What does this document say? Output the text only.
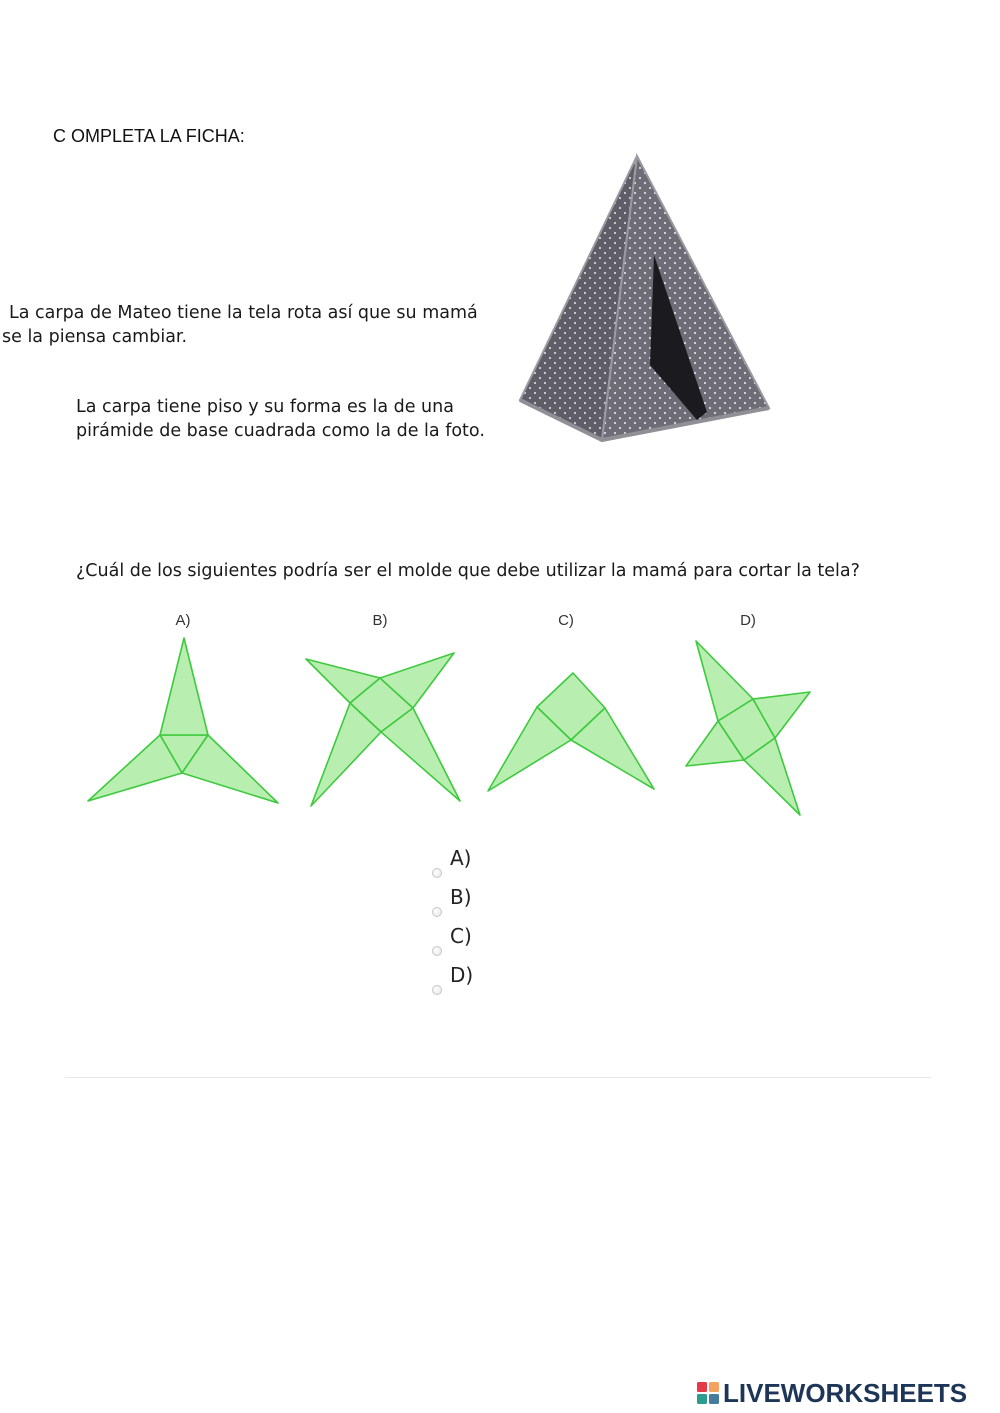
C OMPLETA LA FICHA:
La carpa de Mateo tiene la tela rota así que su mamá
se la piensa cambiar.
La carpa tiene piso y su forma es la de una
pirámide de base cuadrada como la de la foto.
¿Cuál de los siguientes podría ser el molde que debe utilizar la mamá para cortar la tela?
A)	B)	C)	D)
A)
B)
C)
D)
LIVEWORKSHEETS
